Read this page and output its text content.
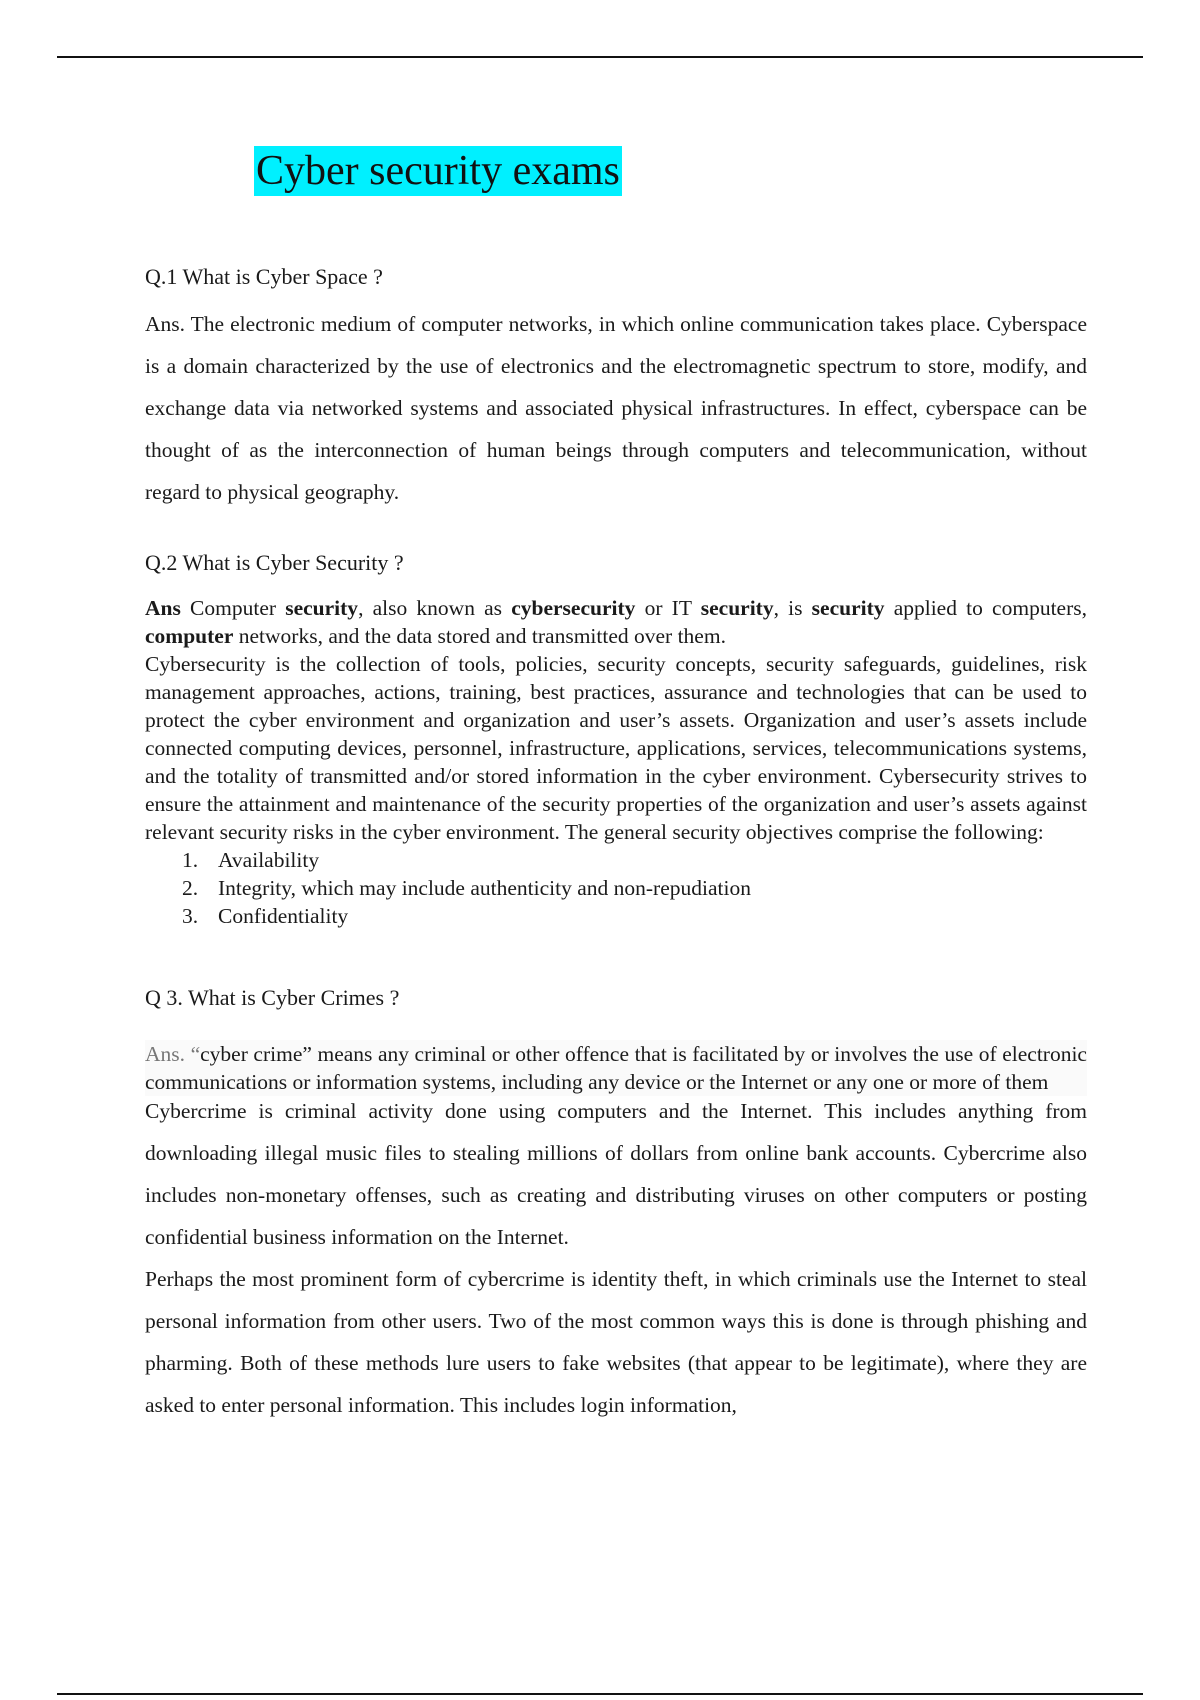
Cyber security exams
Q.1 What is Cyber Space ?

Ans. The electronic medium of computer networks, in which online communication takes place. Cyberspace is a domain characterized by the use of electronics and the electromagnetic spectrum to store, modify, and exchange data via networked systems and associated physical infrastructures. In effect, cyberspace can be thought of as the interconnection of human beings through computers and telecommunication, without regard to physical geography.

Q.2 What is Cyber Security ?

Ans Computer security, also known as cybersecurity or IT security, is security applied to computers, computer networks, and the data stored and transmitted over them.

Cybersecurity is the collection of tools, policies, security concepts, security safeguards, guidelines, risk management approaches, actions, training, best practices, assurance and technologies that can be used to protect the cyber environment and organization and user’s assets. Organization and user’s assets include connected computing devices, personnel, infrastructure, applications, services, telecommunications systems, and the totality of transmitted and/or stored information in the cyber environment. Cybersecurity strives to ensure the attainment and maintenance of the security properties of the organization and user’s assets against relevant security risks in the cyber environment. The general security objectives comprise the following:

1. Availability
2. Integrity, which may include authenticity and non-repudiation
3. Confidentiality
Q 3. What is Cyber Crimes ?

Ans. “cyber crime” means any criminal or other offence that is facilitated by or involves the use of electronic communications or information systems, including any device or the Internet or any one or more of them

Cybercrime is criminal activity done using computers and the Internet. This includes anything from downloading illegal music files to stealing millions of dollars from online bank accounts. Cybercrime also includes non-monetary offenses, such as creating and distributing viruses on other computers or posting confidential business information on the Internet.

Perhaps the most prominent form of cybercrime is identity theft, in which criminals use the Internet to steal personal information from other users. Two of the most common ways this is done is through phishing and pharming. Both of these methods lure users to fake websites (that appear to be legitimate), where they are asked to enter personal information. This includes login information,
